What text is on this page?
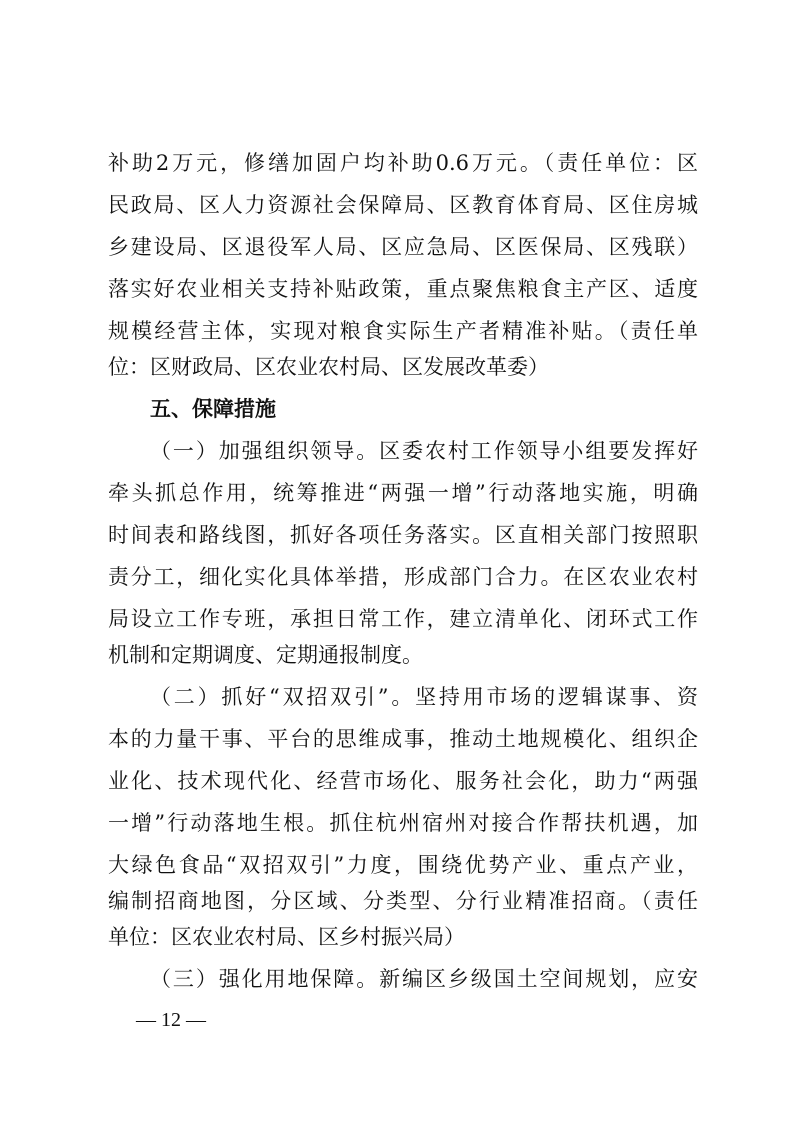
补助2万元，修缮加固户均补助0.6万元。（责任单位：区
民政局、区人力资源社会保障局、区教育体育局、区住房城
乡建设局、区退役军人局、区应急局、区医保局、区残联）
落实好农业相关支持补贴政策，重点聚焦粮食主产区、适度
规模经营主体，实现对粮食实际生产者精准补贴。（责任单
位：区财政局、区农业农村局、区发展改革委）
五、保障措施
（一）加强组织领导。区委农村工作领导小组要发挥好
牵头抓总作用，统筹推进“两强一增”行动落地实施，明确
时间表和路线图，抓好各项任务落实。区直相关部门按照职
责分工，细化实化具体举措，形成部门合力。在区农业农村
局设立工作专班，承担日常工作，建立清单化、闭环式工作
机制和定期调度、定期通报制度。
（二）抓好“双招双引”。坚持用市场的逻辑谋事、资
本的力量干事、平台的思维成事，推动土地规模化、组织企
业化、技术现代化、经营市场化、服务社会化，助力“两强
一增”行动落地生根。抓住杭州宿州对接合作帮扶机遇，加
大绿色食品“双招双引”力度，围绕优势产业、重点产业，
编制招商地图，分区域、分类型、分行业精准招商。（责任
单位：区农业农村局、区乡村振兴局）
（三）强化用地保障。新编区乡级国土空间规划，应安
— 12 —
